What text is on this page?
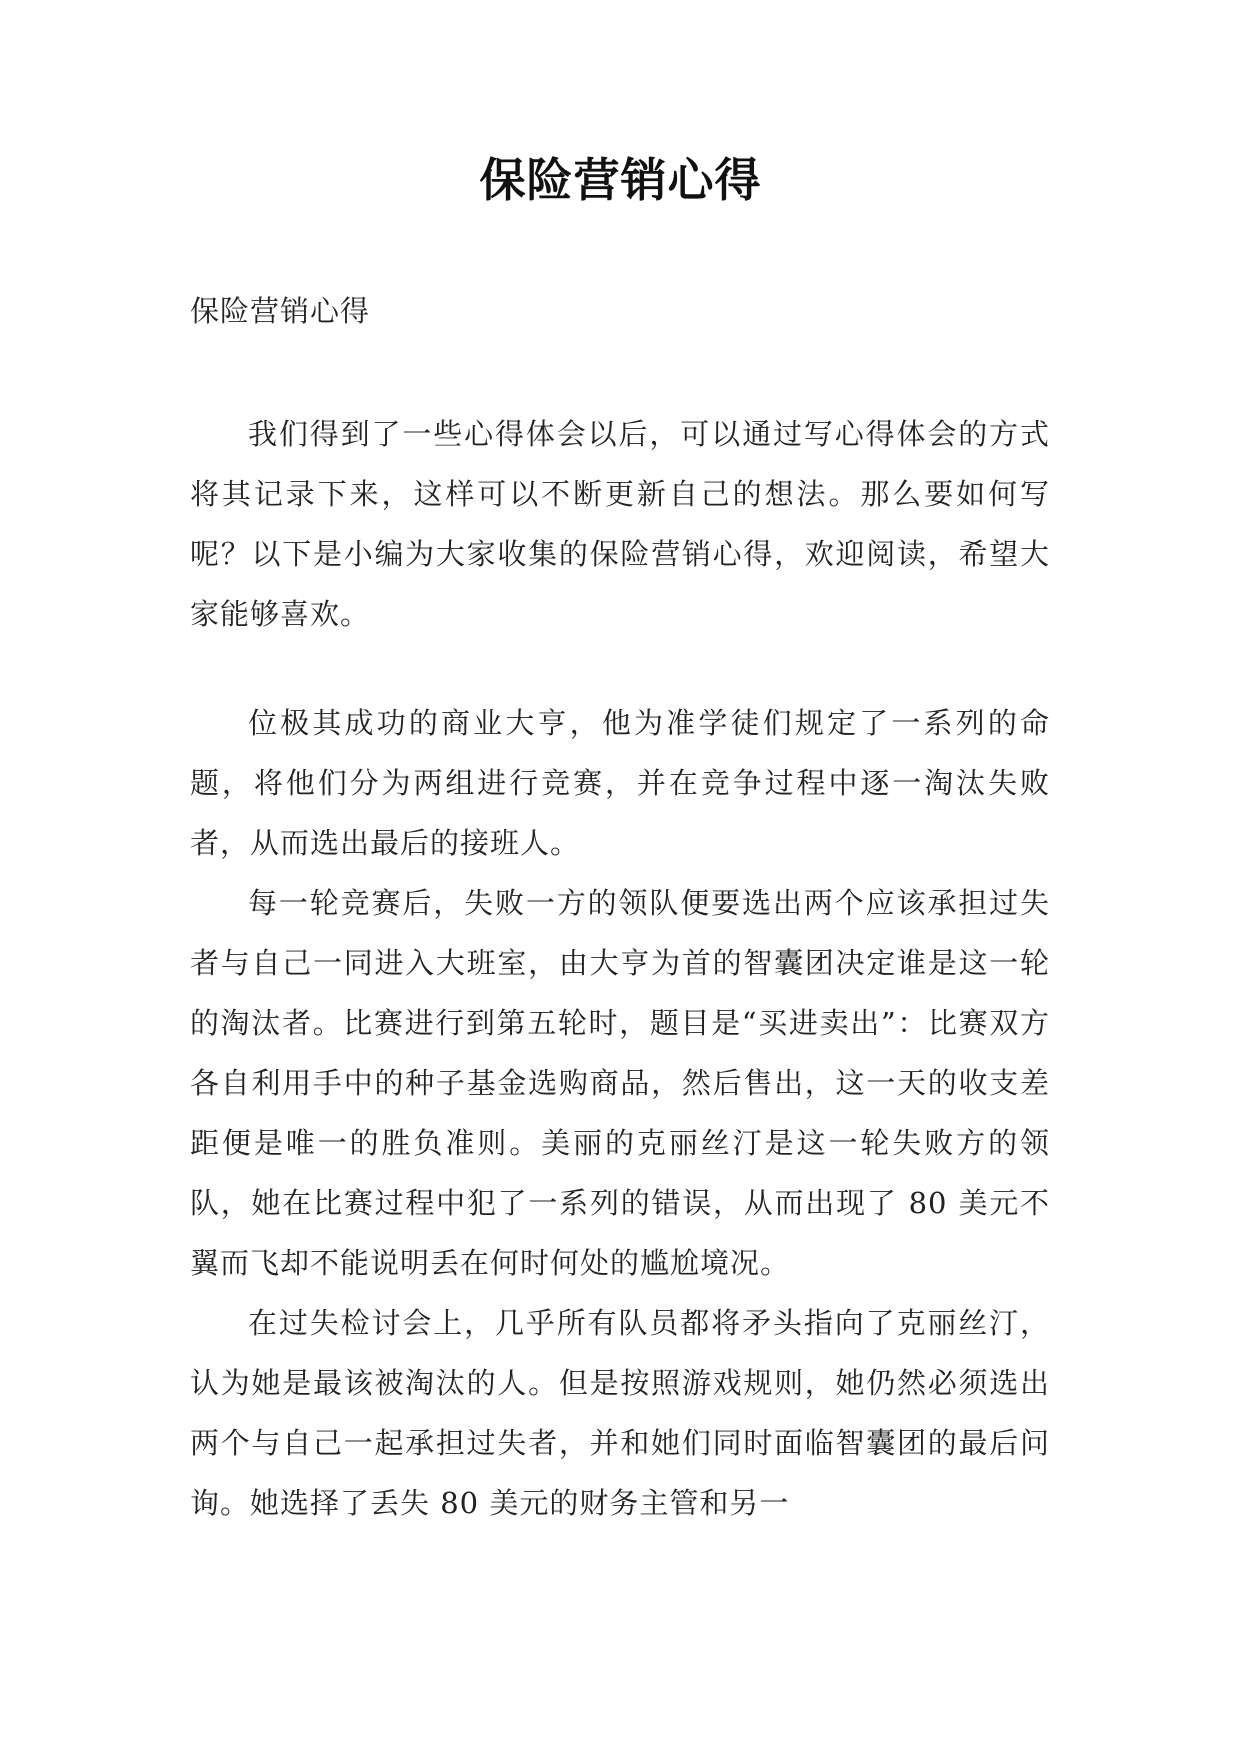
保险营销心得
保险营销心得

我们得到了一些心得体会以后，可以通过写心得体会的方式将其记录下来，这样可以不断更新自己的想法。那么要如何写呢？以下是小编为大家收集的保险营销心得，欢迎阅读，希望大家能够喜欢。

位极其成功的商业大亨，他为准学徒们规定了一系列的命题，将他们分为两组进行竞赛，并在竞争过程中逐一淘汰失败者，从而选出最后的接班人。

每一轮竞赛后，失败一方的领队便要选出两个应该承担过失者与自己一同进入大班室，由大亨为首的智囊团决定谁是这一轮的淘汰者。比赛进行到第五轮时，题目是“买进卖出”：比赛双方各自利用手中的种子基金选购商品，然后售出，这一天的收支差距便是唯一的胜负准则。美丽的克丽丝汀是这一轮失败方的领队，她在比赛过程中犯了一系列的错误，从而出现了 80 美元不翼而飞却不能说明丢在何时何处的尴尬境况。

在过失检讨会上，几乎所有队员都将矛头指向了克丽丝汀，认为她是最该被淘汰的人。但是按照游戏规则，她仍然必须选出两个与自己一起承担过失者，并和她们同时面临智囊团的最后问询。她选择了丢失 80 美元的财务主管和另一
